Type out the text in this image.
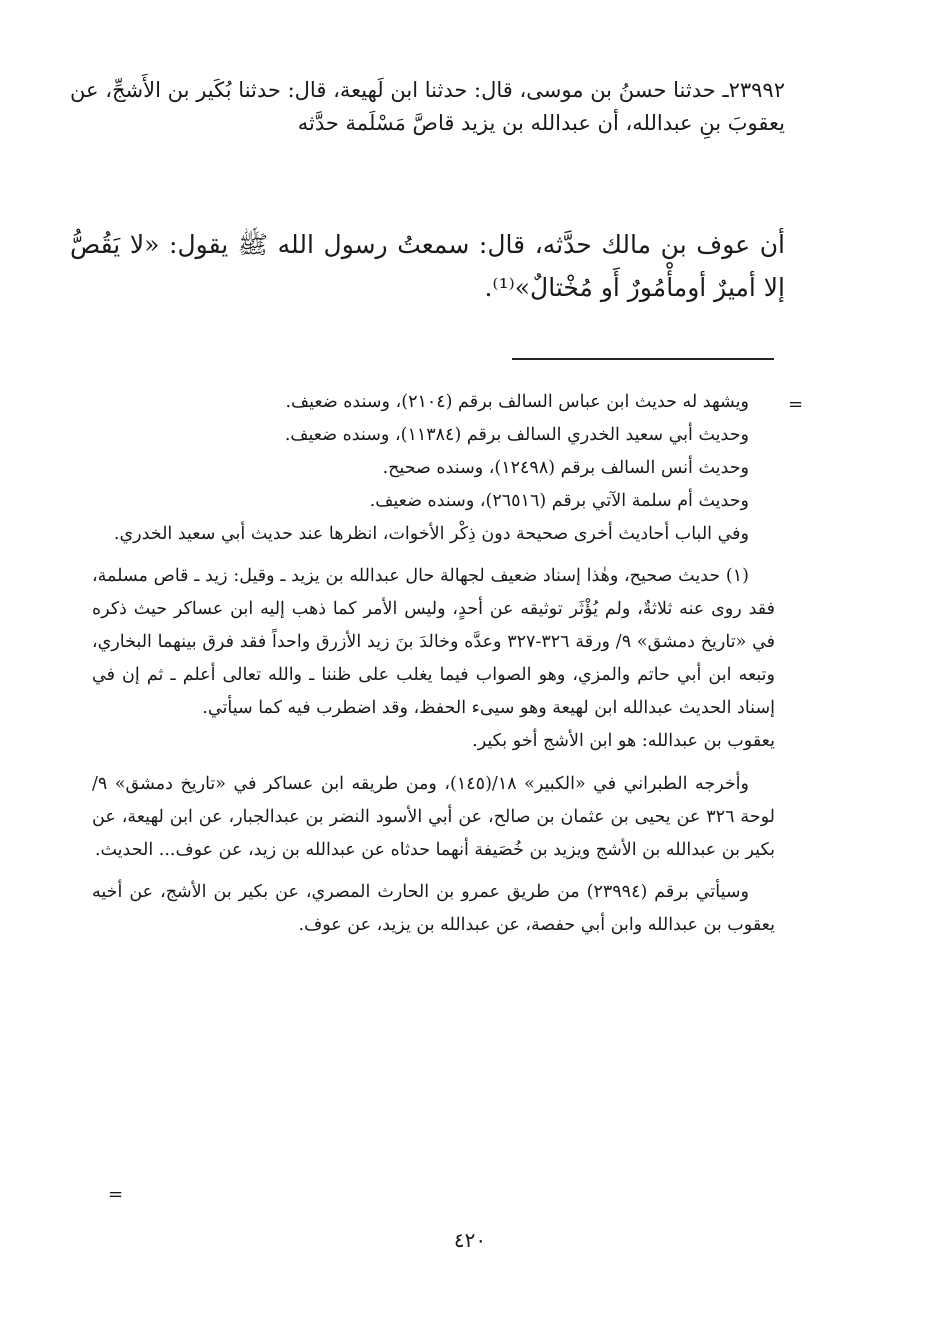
٢٣٩٩٢ـ حدثنا حسنُ بن موسى، قال: حدثنا ابن لَهيعة، قال: حدثنا بُكَير بن الأَشجِّ، عن يعقوبَ بنِ عبدالله، أن عبدالله بن يزيد قاصَّ مَسْلَمة حدَّثه
أن عوف بن مالك حدَّثه، قال: سمعتُ رسول الله ﷺ يقول: «لا يَقُصُّ إلا أميرٌ أومأْمُورٌ أَو مُخْتالٌ»⁽¹⁾.
=

ويشهد له حديث ابن عباس السالف برقم (٢١٠٤)، وسنده ضعيف.

وحديث أبي سعيد الخدري السالف برقم (١١٣٨٤)، وسنده ضعيف.

وحديث أنس السالف برقم (١٢٤٩٨)، وسنده صحيح.

وحديث أم سلمة الآتي برقم (٢٦٥١٦)، وسنده ضعيف.

وفي الباب أحاديث أخرى صحيحة دون ذِكْر الأخوات، انظرها عند حديث أبي سعيد الخدري.

(١) حديث صحيح، وهٰذا إسناد ضعيف لجهالة حال عبدالله بن يزيد ـ وقيل: زيد ـ قاص مسلمة، فقد روى عنه ثلاثةٌ، ولم يُؤْثَر توثيقه عن أحدٍ، وليس الأمر كما ذهب إليه ابن عساكر حيث ذكره في «تاريخ دمشق» ٩/ ورقة ٣٢٦-٣٢٧ وعدَّه وخالدَ بنَ زيد الأزرق واحداً فقد فرق بينهما البخاري، وتبعه ابن أبي حاتم والمزي، وهو الصواب فيما يغلب على ظننا ـ والله تعالى أعلم ـ ثم إن في إسناد الحديث عبدالله ابن لهيعة وهو سيىء الحفظ، وقد اضطرب فيه كما سيأتي.

يعقوب بن عبدالله: هو ابن الأشج أخو بكير.

وأخرجه الطبراني في «الكبير» ١٨/(١٤٥)، ومن طريقه ابن عساكر في «تاريخ دمشق» ٩/ لوحة ٣٢٦ عن يحيى بن عثمان بن صالح، عن أبي الأسود النضر بن عبدالجبار، عن ابن لهيعة، عن بكير بن عبدالله بن الأشج ويزيد بن خُصَيفة أنهما حدثاه عن عبدالله بن زيد، عن عوف... الحديث.

وسيأتي برقم (٢٣٩٩٤) من طريق عمرو بن الحارث المصري، عن بكير بن الأشج، عن أخيه يعقوب بن عبدالله وابن أبي حفصة، عن عبدالله بن يزيد، عن عوف.

=
٤٢٠
